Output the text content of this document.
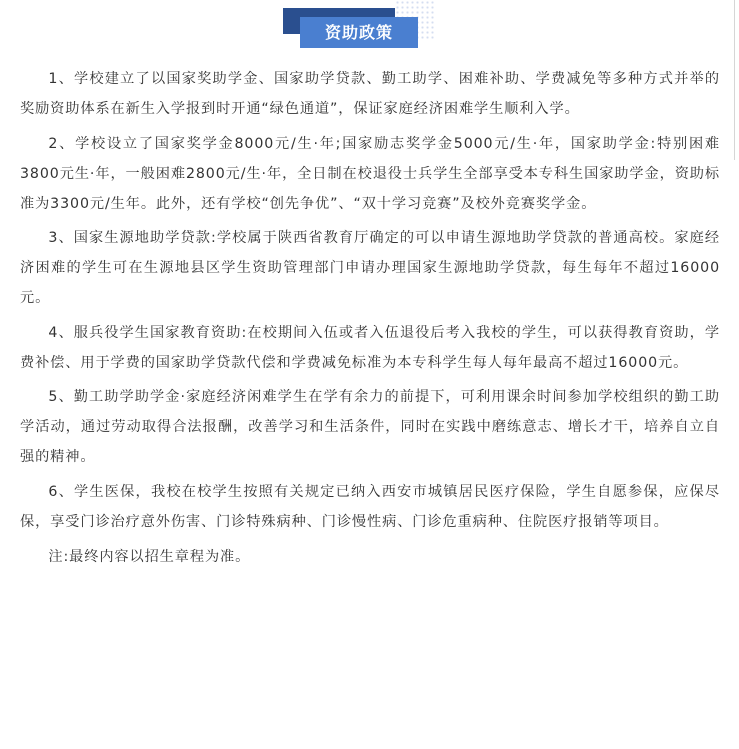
资助政策

1、学校建立了以国家奖助学金、国家助学贷款、勤工助学、困难补助、学费减免等多种方式并举的奖励资助体系在新生入学报到时开通“绿色通道”，保证家庭经济困难学生顺利入学。

2、学校设立了国家奖学金8000元/生·年;国家励志奖学金5000元/生·年，国家助学金:特别困难3800元生·年，一般困难2800元/生·年，全日制在校退役士兵学生全部享受本专科生国家助学金，资助标准为3300元/生年。此外，还有学校“创先争优”、“双十学习竞赛”及校外竞赛奖学金。

3、国家生源地助学贷款:学校属于陕西省教育厅确定的可以申请生源地助学贷款的普通高校。家庭经济困难的学生可在生源地县区学生资助管理部门申请办理国家生源地助学贷款，每生每年不超过16000元。

4、服兵役学生国家教育资助:在校期间入伍或者入伍退役后考入我校的学生，可以获得教育资助，学费补偿、用于学费的国家助学贷款代偿和学费减免标准为本专科学生每人每年最高不超过16000元。

5、勤工助学助学金·家庭经济闲难学生在学有余力的前提下，可利用课余时间参加学校组织的勤工助学活动，通过劳动取得合法报酬，改善学习和生活条件，同时在实践中磨练意志、增长才干，培养自立自强的精神。

6、学生医保，我校在校学生按照有关规定已纳入西安市城镇居民医疗保险，学生自愿参保，应保尽保，享受门诊治疗意外伤害、门诊特殊病种、门诊慢性病、门诊危重病种、住院医疗报销等项目。

注:最终内容以招生章程为准。
